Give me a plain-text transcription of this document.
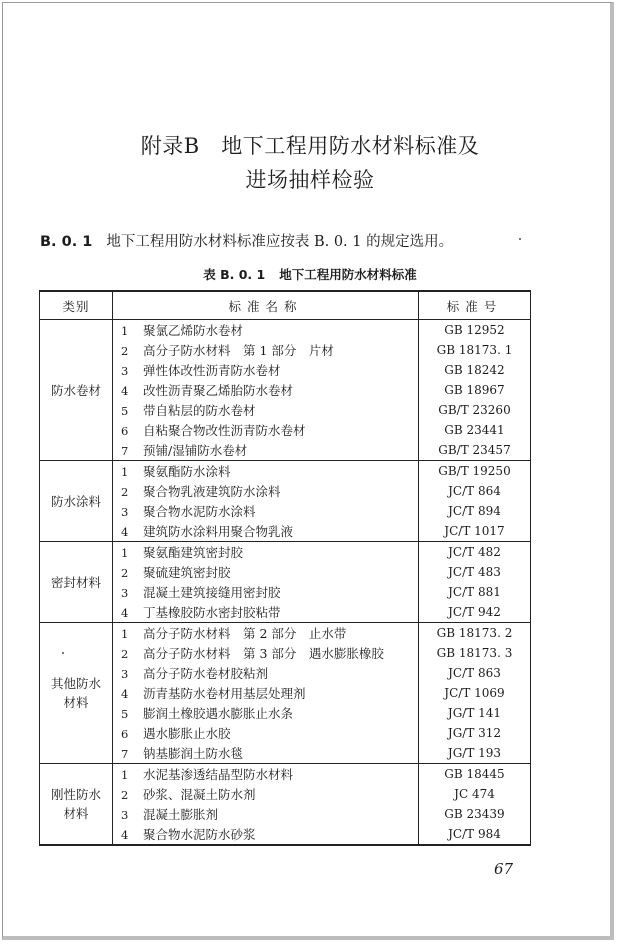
附录B　地下工程用防水材料标准及
进场抽样检验
B. 0. 1 地下工程用防水材料标准应按表 B. 0. 1 的规定选用。
表 B. 0. 1 地下工程用防水材料标准
类别	标准名称	标准号
防水卷材	1 聚氯乙烯防水卷材	GB 12952
	2 高分子防水材料　第 1 部分　片材	GB 18173. 1
	3 弹性体改性沥青防水卷材	GB 18242
	4 改性沥青聚乙烯胎防水卷材	GB 18967
	5 带自粘层的防水卷材	GB/T 23260
	6 自粘聚合物改性沥青防水卷材	GB 23441
	7 预铺/湿铺防水卷材	GB/T 23457
防水涂料	1 聚氨酯防水涂料	GB/T 19250
	2 聚合物乳液建筑防水涂料	JC/T 864
	3 聚合物水泥防水涂料	JC/T 894
	4 建筑防水涂料用聚合物乳液	JC/T 1017
密封材料	1 聚氨酯建筑密封胶	JC/T 482
	2 聚硫建筑密封胶	JC/T 483
	3 混凝土建筑接缝用密封胶	JC/T 881
	4 丁基橡胶防水密封胶粘带	JC/T 942

其他防水
材料	1 高分子防水材料　第 2 部分　止水带	GB 18173. 2
	2 高分子防水材料　第 3 部分　遇水膨胀橡胶	GB 18173. 3
	3 高分子防水卷材胶粘剂	JC/T 863
	4 沥青基防水卷材用基层处理剂	JC/T 1069
	5 膨润土橡胶遇水膨胀止水条	JG/T 141
	6 遇水膨胀止水胶	JG/T 312
	7 钠基膨润土防水毯	JG/T 193

刚性防水
材料	1 水泥基渗透结晶型防水材料	GB 18445
	2 砂浆、混凝土防水剂	JC 474
	3 混凝土膨胀剂	GB 23439
	4 聚合物水泥防水砂浆	JC/T 984
67
